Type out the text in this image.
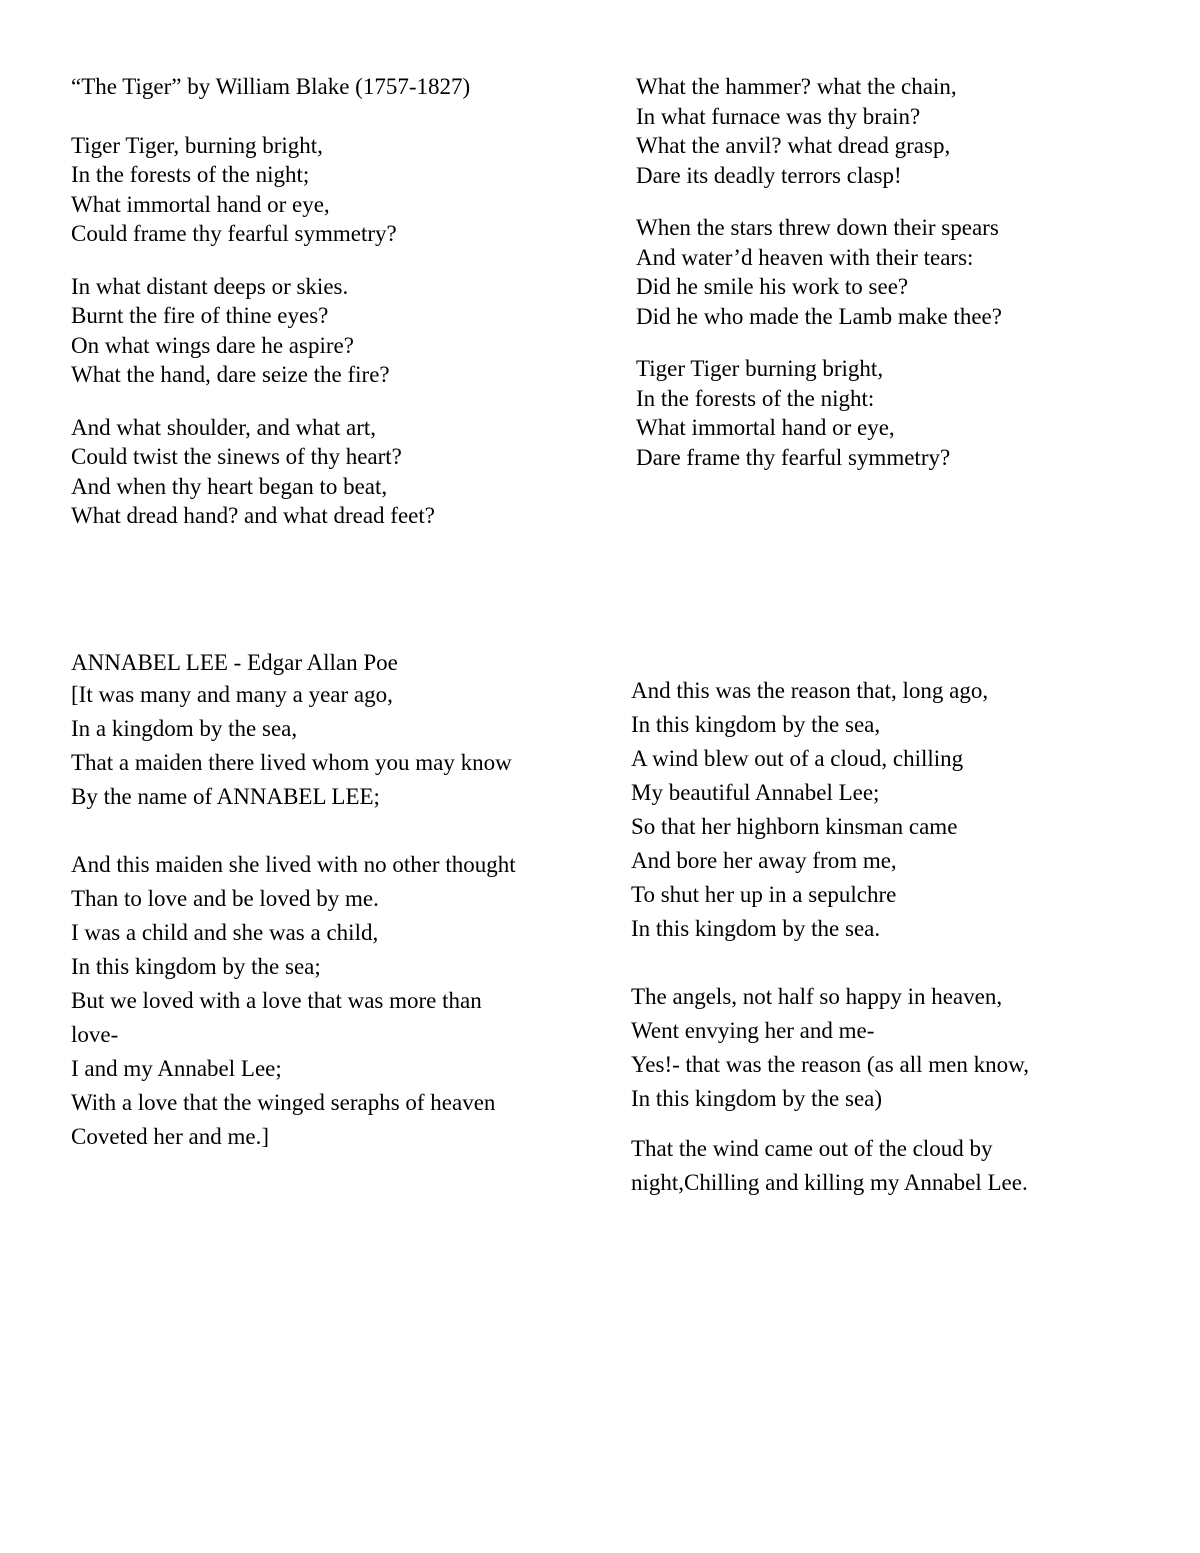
“The Tiger” by William Blake (1757-1827)
Tiger Tiger, burning bright,
In the forests of the night;
What immortal hand or eye,
Could frame thy fearful symmetry?
In what distant deeps or skies.
Burnt the fire of thine eyes?
On what wings dare he aspire?
What the hand, dare seize the fire?
And what shoulder, and what art,
Could twist the sinews of thy heart?
And when thy heart began to beat,
What dread hand? and what dread feet?
What the hammer? what the chain,
In what furnace was thy brain?
What the anvil? what dread grasp,
Dare its deadly terrors clasp!
When the stars threw down their spears
And water’d heaven with their tears:
Did he smile his work to see?
Did he who made the Lamb make thee?
Tiger Tiger burning bright,
In the forests of the night:
What immortal hand or eye,
Dare frame thy fearful symmetry?
ANNABEL LEE - Edgar Allan Poe
[It was many and many a year ago,
In a kingdom by the sea,
That a maiden there lived whom you may know
By the name of ANNABEL LEE;
And this maiden she lived with no other thought
Than to love and be loved by me.
I was a child and she was a child,
In this kingdom by the sea;
But we loved with a love that was more than
love-
I and my Annabel Lee;
With a love that the winged seraphs of heaven
Coveted her and me.]
And this was the reason that, long ago,
In this kingdom by the sea,
A wind blew out of a cloud, chilling
My beautiful Annabel Lee;
So that her highborn kinsman came
And bore her away from me,
To shut her up in a sepulchre
In this kingdom by the sea.
The angels, not half so happy in heaven,
Went envying her and me-
Yes!- that was the reason (as all men know,
In this kingdom by the sea)
That the wind came out of the cloud by
night,Chilling and killing my Annabel Lee.
